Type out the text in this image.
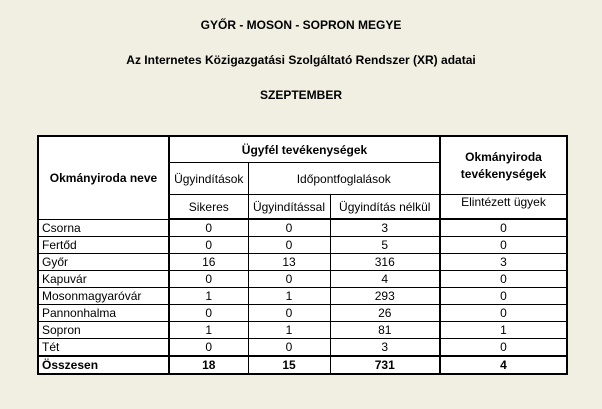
GYŐR - MOSON - SOPRON MEGYE
Az Internetes Közigazgatási Szolgáltató Rendszer (XR) adatai
SZEPTEMBER
Okmányiroda neve	Ügyfél tevékenységek			Okmányiroda tevékenységek
	Ügyindítások	Időpontfoglalások		
	Sikeres	Ügyindítással	Ügyindítás nélkül	Elintézett ügyek
Csorna	0	0	3	0
Fertőd	0	0	5	0
Győr	16	13	316	3
Kapuvár	0	0	4	0
Mosonmagyaróvár	1	1	293	0
Pannonhalma	0	0	26	0
Sopron	1	1	81	1
Tét	0	0	3	0
Összesen	18	15	731	4
